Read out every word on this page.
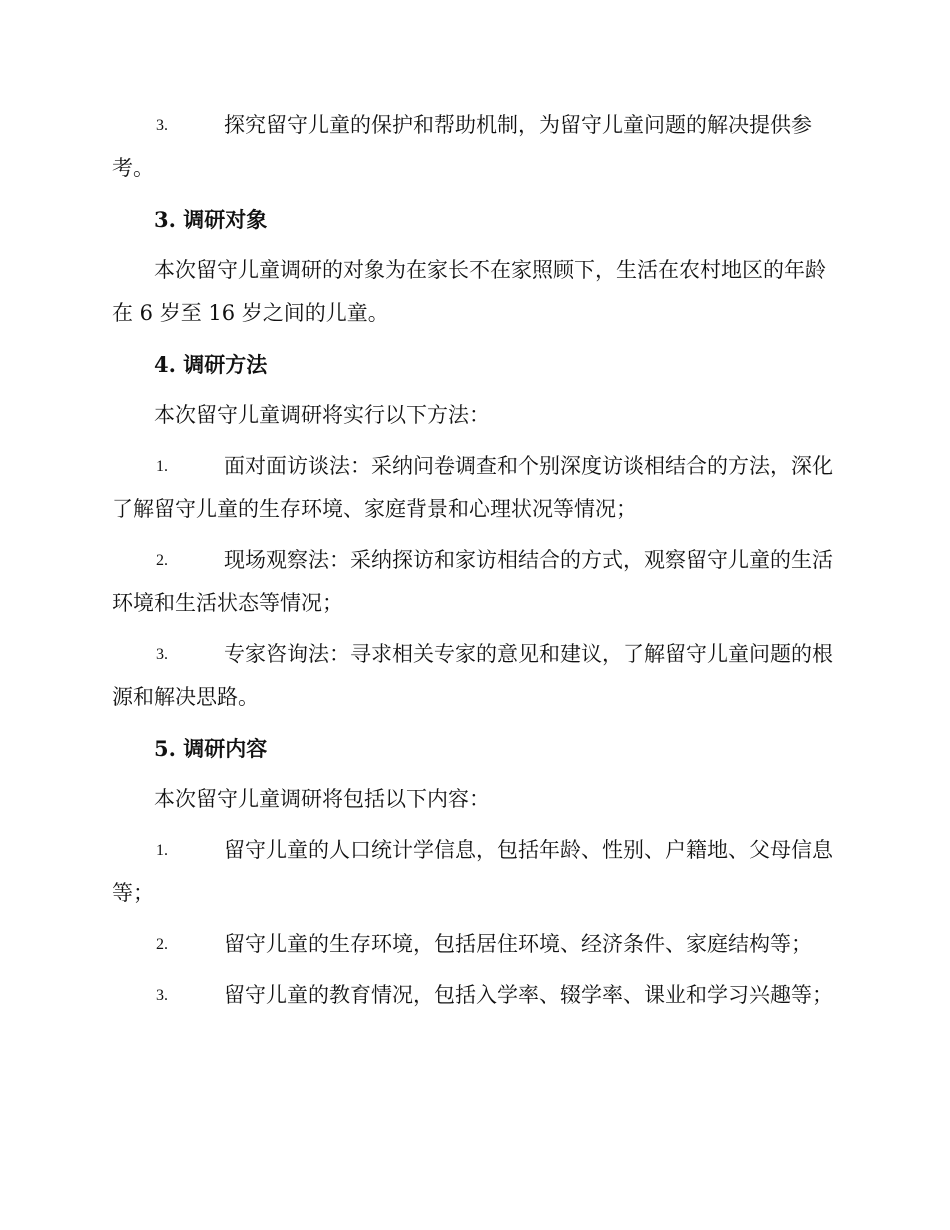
3.	探究留守儿童的保护和帮助机制，为留守儿童问题的解决提供参考。

3. 调研对象

本次留守儿童调研的对象为在家长不在家照顾下，生活在农村地区的年龄在 6 岁至 16 岁之间的儿童。

4. 调研方法

本次留守儿童调研将实行以下方法：

1.	面对面访谈法：采纳问卷调查和个别深度访谈相结合的方法，深化了解留守儿童的生存环境、家庭背景和心理状况等情况；

2.	现场观察法：采纳探访和家访相结合的方式，观察留守儿童的生活环境和生活状态等情况；

3.	专家咨询法：寻求相关专家的意见和建议，了解留守儿童问题的根源和解决思路。

5. 调研内容

本次留守儿童调研将包括以下内容：

1.	留守儿童的人口统计学信息，包括年龄、性别、户籍地、父母信息等；

2.	留守儿童的生存环境，包括居住环境、经济条件、家庭结构等；

3.	留守儿童的教育情况，包括入学率、辍学率、课业和学习兴趣等；
